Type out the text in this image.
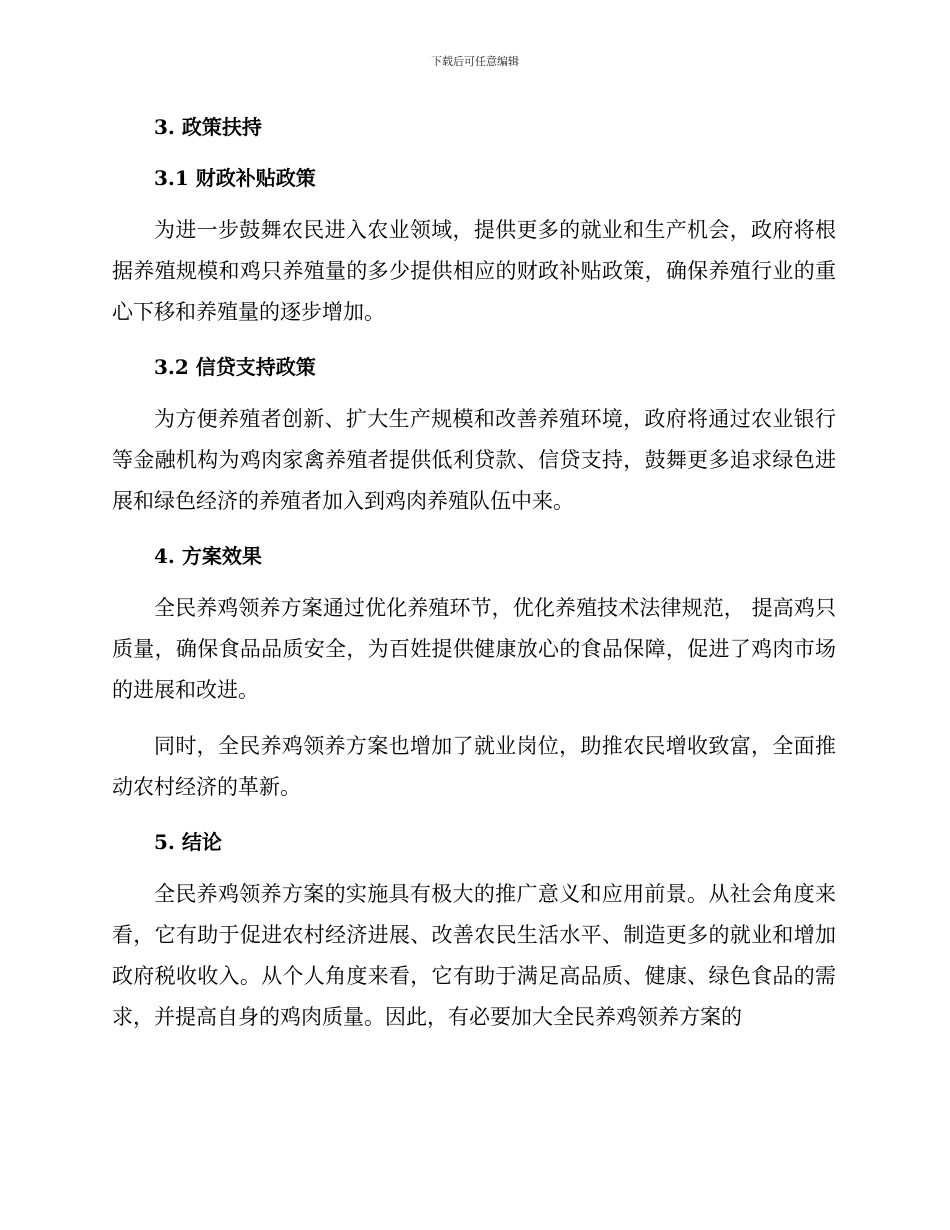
下载后可任意编辑
3. 政策扶持
3.1 财政补贴政策

为进一步鼓舞农民进入农业领域，提供更多的就业和生产机会，政府将根据养殖规模和鸡只养殖量的多少提供相应的财政补贴政策，确保养殖行业的重心下移和养殖量的逐步增加。

3.2 信贷支持政策

为方便养殖者创新、扩大生产规模和改善养殖环境，政府将通过农业银行等金融机构为鸡肉家禽养殖者提供低利贷款、信贷支持，鼓舞更多追求绿色进展和绿色经济的养殖者加入到鸡肉养殖队伍中来。

4. 方案效果

全民养鸡领养方案通过优化养殖环节，优化养殖技术法律规范， 提高鸡只质量，确保食品品质安全，为百姓提供健康放心的食品保障，促进了鸡肉市场的进展和改进。

同时，全民养鸡领养方案也增加了就业岗位，助推农民增收致富，全面推动农村经济的革新。

5. 结论

全民养鸡领养方案的实施具有极大的推广意义和应用前景。从社会角度来看，它有助于促进农村经济进展、改善农民生活水平、制造更多的就业和增加政府税收收入。从个人角度来看，它有助于满足高品质、健康、绿色食品的需求，并提高自身的鸡肉质量。因此，有必要加大全民养鸡领养方案的
